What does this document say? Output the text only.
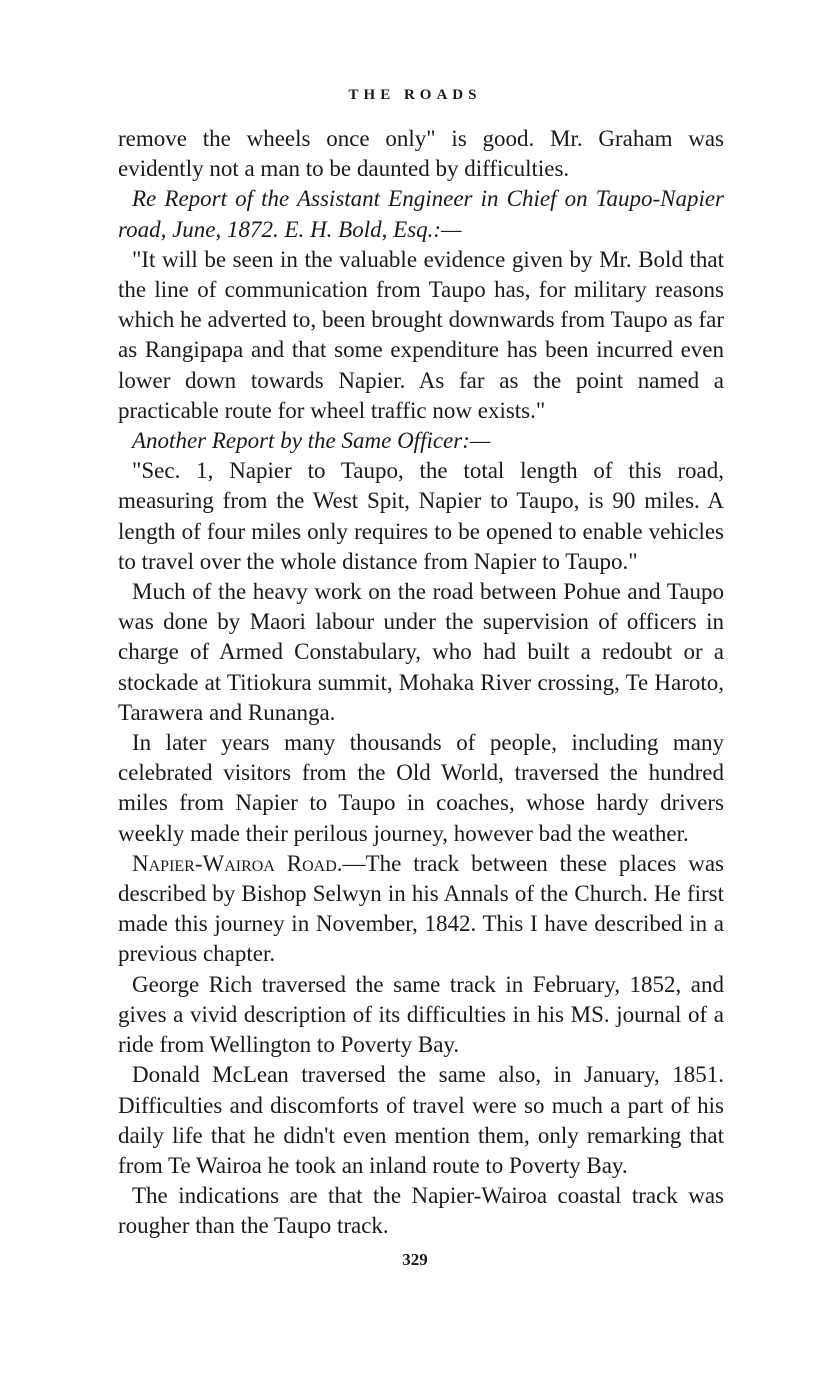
THE ROADS

remove the wheels once only" is good. Mr. Graham was evidently not a man to be daunted by difficulties.

Re Report of the Assistant Engineer in Chief on Taupo-Napier road, June, 1872. E. H. Bold, Esq.:—

"It will be seen in the valuable evidence given by Mr. Bold that the line of communication from Taupo has, for military reasons which he adverted to, been brought downwards from Taupo as far as Rangipapa and that some expenditure has been incurred even lower down towards Napier. As far as the point named a practicable route for wheel traffic now exists."

Another Report by the Same Officer:—

"Sec. 1, Napier to Taupo, the total length of this road, measuring from the West Spit, Napier to Taupo, is 90 miles. A length of four miles only requires to be opened to enable vehicles to travel over the whole distance from Napier to Taupo."

Much of the heavy work on the road between Pohue and Taupo was done by Maori labour under the supervision of officers in charge of Armed Constabulary, who had built a redoubt or a stockade at Titiokura summit, Mohaka River crossing, Te Haroto, Tarawera and Runanga.

In later years many thousands of people, including many celebrated visitors from the Old World, traversed the hundred miles from Napier to Taupo in coaches, whose hardy drivers weekly made their perilous journey, however bad the weather.

Napier-Wairoa Road.—The track between these places was described by Bishop Selwyn in his Annals of the Church. He first made this journey in November, 1842. This I have described in a previous chapter.

George Rich traversed the same track in February, 1852, and gives a vivid description of its difficulties in his MS. journal of a ride from Wellington to Poverty Bay.

Donald McLean traversed the same also, in January, 1851. Difficulties and discomforts of travel were so much a part of his daily life that he didn't even mention them, only remarking that from Te Wairoa he took an inland route to Poverty Bay.

The indications are that the Napier-Wairoa coastal track was rougher than the Taupo track.

329
